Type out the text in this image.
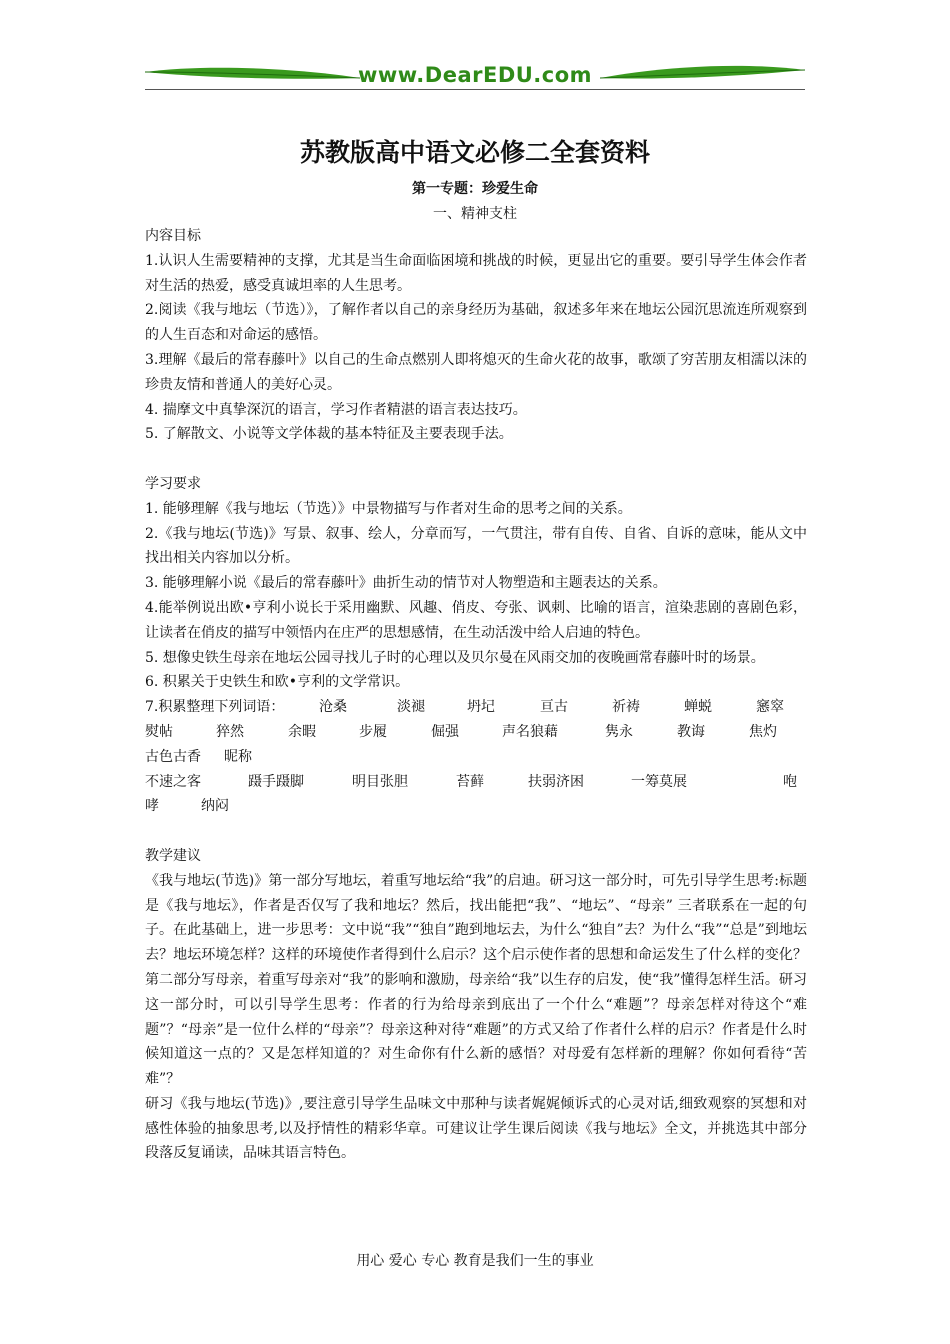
www.DearEDU.com
苏教版高中语文必修二全套资料
第一专题：珍爱生命
一、精神支柱

内容目标

1.认识人生需要精神的支撑，尤其是当生命面临困境和挑战的时候，更显出它的重要。要引导学生体会作者对生活的热爱，感受真诚坦率的人生思考。

2.阅读《我与地坛（节选）》，了解作者以自己的亲身经历为基础，叙述多年来在地坛公园沉思流连所观察到的人生百态和对命运的感悟。

3.理解《最后的常春藤叶》以自己的生命点燃别人即将熄灭的生命火花的故事，歌颂了穷苦朋友相濡以沫的珍贵友情和普通人的美好心灵。

4. 揣摩文中真挚深沉的语言，学习作者精湛的语言表达技巧。

5. 了解散文、小说等文学体裁的基本特征及主要表现手法。

学习要求

1. 能够理解《我与地坛（节选）》中景物描写与作者对生命的思考之间的关系。

2.《我与地坛(节选)》写景、叙事、绘人，分章而写，一气贯注，带有自传、自省、自诉的意味，能从文中找出相关内容加以分析。

3. 能够理解小说《最后的常春藤叶》曲折生动的情节对人物塑造和主题表达的关系。

4.能举例说出欧•亨利小说长于采用幽默、风趣、俏皮、夸张、讽刺、比喻的语言，渲染悲剧的喜剧色彩，让读者在俏皮的描写中领悟内在庄严的思想感情，在生动活泼中给人启迪的特色。

5. 想像史铁生母亲在地坛公园寻找儿子时的心理以及贝尔曼在风雨交加的夜晚画常春藤叶时的场景。

6. 积累关于史铁生和欧•亨利的文学常识。

7.积累整理下列词语：	沧桑	淡褪	坍圮	亘古	祈祷	蝉蜕	窸窣
熨帖	猝然	余暇	步履	倔强	声名狼藉	隽永	教诲	焦灼
古色古香	昵称
不速之客	蹑手蹑脚	明目张胆	苔藓	扶弱济困	一筹莫展	咆
哮	纳闷

教学建议

《我与地坛(节选)》第一部分写地坛，着重写地坛给“我”的启迪。研习这一部分时，可先引导学生思考:标题是《我与地坛》，作者是否仅写了我和地坛？然后，找出能把“我”、“地坛”、“母亲” 三者联系在一起的句子。在此基础上，进一步思考：文中说“我”“独自”跑到地坛去，为什么“独自”去？为什么“我”“总是”到地坛去？地坛环境怎样？这样的环境使作者得到什么启示？这个启示使作者的思想和命运发生了什么样的变化？第二部分写母亲，着重写母亲对“我”的影响和激励，母亲给“我”以生存的启发，使“我”懂得怎样生活。研习这一部分时，可以引导学生思考：作者的行为给母亲到底出了一个什么“难题”？母亲怎样对待这个“难题”？“母亲”是一位什么样的“母亲”？母亲这种对待“难题”的方式又给了作者什么样的启示？作者是什么时候知道这一点的？又是怎样知道的？对生命你有什么新的感悟？对母爱有怎样新的理解？你如何看待“苦难”？

研习《我与地坛(节选)》,要注意引导学生品味文中那种与读者娓娓倾诉式的心灵对话,细致观察的冥想和对感性体验的抽象思考,以及抒情性的精彩华章。可建议让学生课后阅读《我与地坛》全文，并挑选其中部分段落反复诵读，品味其语言特色。

用心 爱心 专心 教育是我们一生的事业
